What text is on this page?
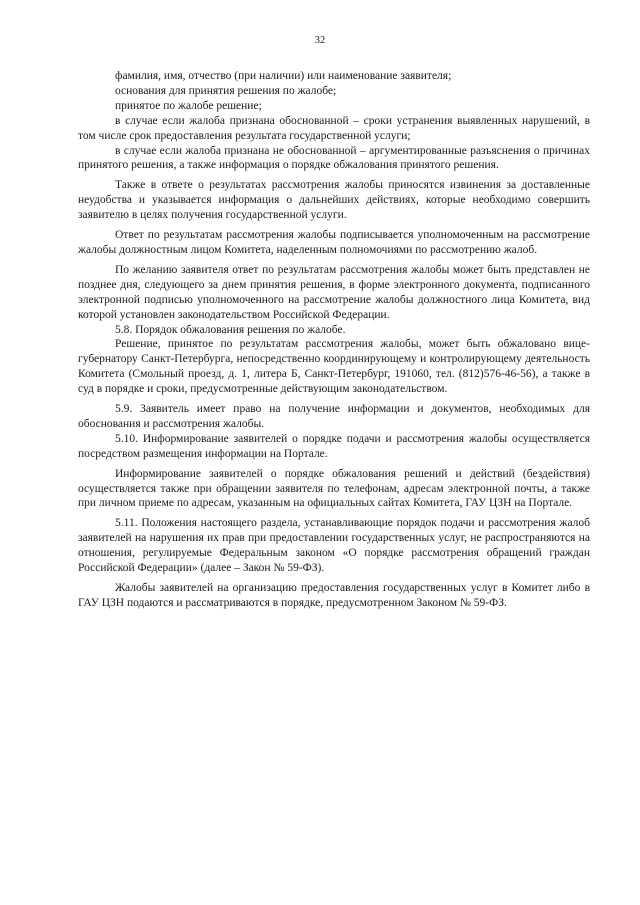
32

фамилия, имя, отчество (при наличии) или наименование заявителя;

основания для принятия решения по жалобе;

принятое по жалобе решение;

в случае если жалоба признана обоснованной – сроки устранения выявленных нарушений, в том числе срок предоставления результата государственной услуги;

в случае если жалоба признана не обоснованной – аргументированные разъяснения о причинах принятого решения, а также информация о порядке обжалования принятого решения.

Также в ответе о результатах рассмотрения жалобы приносятся извинения за доставленные неудобства и указывается информация о дальнейших действиях, которые необходимо совершить заявителю в целях получения государственной услуги.

Ответ по результатам рассмотрения жалобы подписывается уполномоченным на рассмотрение жалобы должностным лицом Комитета, наделенным полномочиями по рассмотрению жалоб.

По желанию заявителя ответ по результатам рассмотрения жалобы может быть представлен не позднее дня, следующего за днем принятия решения, в форме электронного документа, подписанного электронной подписью уполномоченного на рассмотрение жалобы должностного лица Комитета, вид которой установлен законодательством Российской Федерации.

5.8. Порядок обжалования решения по жалобе.

Решение, принятое по результатам рассмотрения жалобы, может быть обжаловано вице-губернатору Санкт-Петербурга, непосредственно координирующему и контролирующему деятельность Комитета (Смольный проезд, д. 1, литера Б, Санкт-Петербург, 191060, тел. (812)576-46-56), а также в суд в порядке и сроки, предусмотренные действующим законодательством.

5.9. Заявитель имеет право на получение информации и документов, необходимых для обоснования и рассмотрения жалобы.

5.10. Информирование заявителей о порядке подачи и рассмотрения жалобы осуществляется посредством размещения информации на Портале.

Информирование заявителей о порядке обжалования решений и действий (бездействия) осуществляется также при обращении заявителя по телефонам, адресам электронной почты, а также при личном приеме по адресам, указанным на официальных сайтах Комитета, ГАУ ЦЗН на Портале.

5.11. Положения настоящего раздела, устанавливающие порядок подачи и рассмотрения жалоб заявителей на нарушения их прав при предоставлении государственных услуг, не распространяются на отношения, регулируемые Федеральным законом «О порядке рассмотрения обращений граждан Российской Федерации» (далее – Закон № 59-ФЗ).

Жалобы заявителей на организацию предоставления государственных услуг в Комитет либо в ГАУ ЦЗН подаются и рассматриваются в порядке, предусмотренном Законом № 59-ФЗ.
